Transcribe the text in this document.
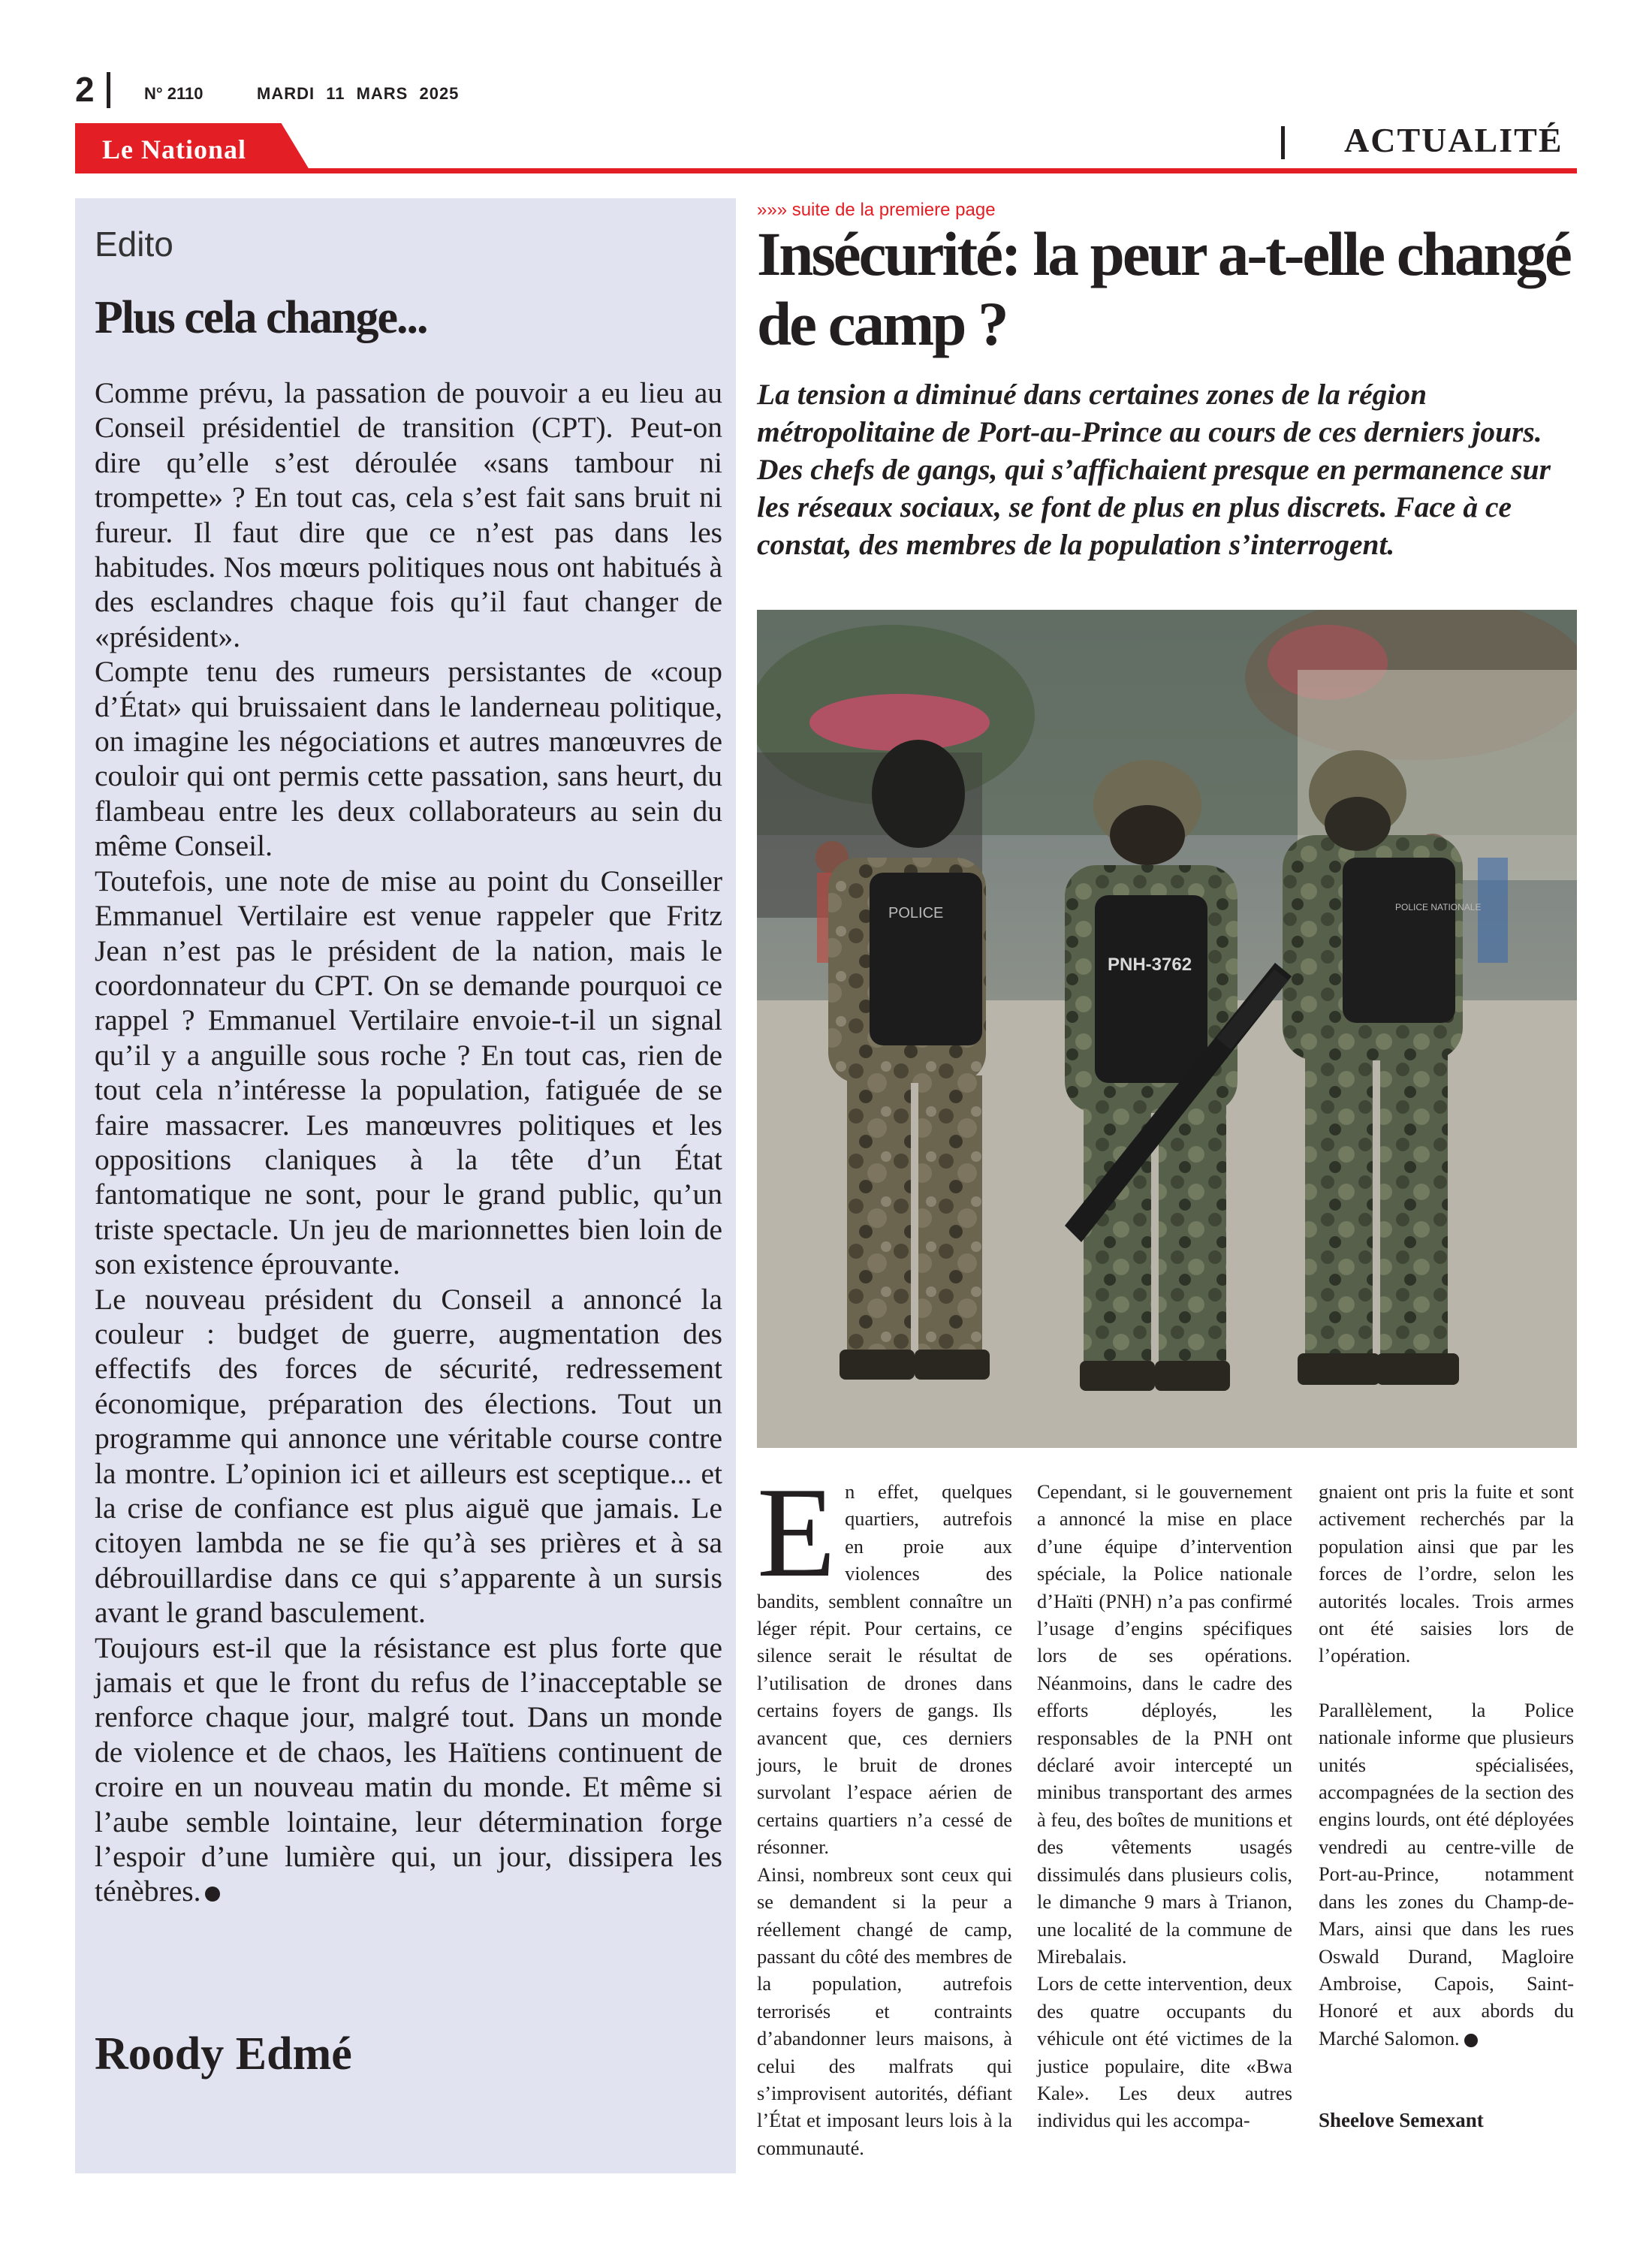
2	N° 2110	MARDI 11 MARS 2025
Le National	ACTUALITÉ
Edito
Plus cela change...

Comme prévu, la passation de pouvoir a eu lieu au Conseil présidentiel de transition (CPT). Peut-on dire qu’elle s’est déroulée «sans tambour ni trompette» ? En tout cas, cela s’est fait sans bruit ni fureur. Il faut dire que ce n’est pas dans les habitudes. Nos mœurs politiques nous ont habitués à des esclandres chaque fois qu’il faut changer de «président».

Compte tenu des rumeurs persistantes de «coup d’État» qui bruissaient dans le landerneau politique, on imagine les négociations et autres manœuvres de couloir qui ont permis cette passation, sans heurt, du flambeau entre les deux collaborateurs au sein du même Conseil.

Toutefois, une note de mise au point du Conseiller Emmanuel Vertilaire est venue rappeler que Fritz Jean n’est pas le président de la nation, mais le coordonnateur du CPT. On se demande pourquoi ce rappel ? Emmanuel Vertilaire envoie-t-il un signal qu’il y a anguille sous roche ? En tout cas, rien de tout cela n’intéresse la population, fatiguée de se faire massacrer. Les manœuvres politiques et les oppositions claniques à la tête d’un État fantomatique ne sont, pour le grand public, qu’un triste spectacle. Un jeu de marionnettes bien loin de son existence éprouvante.

Le nouveau président du Conseil a annoncé la couleur : budget de guerre, augmentation des effectifs des forces de sécurité, redressement économique, préparation des élections. Tout un programme qui annonce une véritable course contre la montre. L’opinion ici et ailleurs est sceptique... et la crise de confiance est plus aiguë que jamais. Le citoyen lambda ne se fie qu’à ses prières et à sa débrouillardise dans ce qui s’apparente à un sursis avant le grand basculement.

Toujours est-il que la résistance est plus forte que jamais et que le front du refus de l’inacceptable se renforce chaque jour, malgré tout. Dans un monde de violence et de chaos, les Haïtiens continuent de croire en un nouveau matin du monde. Et même si l’aube semble lointaine, leur détermination forge l’espoir d’une lumière qui, un jour, dissipera les ténèbres.

Roody Edmé
»»» suite de la premiere page
Insécurité: la peur a-t-elle changé de camp ?
La tension a diminué dans certaines zones de la région métropolitaine de Port-au-Prince au cours de ces derniers jours. Des chefs de gangs, qui s’affichaient presque en permanence sur les réseaux sociaux, se font de plus en plus discrets. Face à ce constat, des membres de la population s’interrogent.
POLICE
PNH-3762
POLICE NATIONALE
E n effet, quelques quartiers, autrefois en proie aux violences des bandits, semblent connaître un léger répit. Pour certains, ce silence serait le résultat de l’utilisation de drones dans certains foyers de gangs. Ils avancent que, ces derniers jours, le bruit de drones survolant l’espace aérien de certains quartiers n’a cessé de résonner.

Ainsi, nombreux sont ceux qui se demandent si la peur a réellement changé de camp, passant du côté des membres de la population, autrefois terrorisés et contraints d’abandonner leurs maisons, à celui des malfrats qui s’improvisent autorités, défiant l’État et imposant leurs lois à la communauté.

Cependant, si le gouvernement a annoncé la mise en place d’une équipe d’intervention spéciale, la Police nationale d’Haïti (PNH) n’a pas confirmé l’usage d’engins spécifiques lors de ses opérations. Néanmoins, dans le cadre des efforts déployés, les responsables de la PNH ont déclaré avoir intercepté un minibus transportant des armes à feu, des boîtes de munitions et des vêtements usagés dissimulés dans plusieurs colis, le dimanche 9 mars à Trianon, une localité de la commune de Mirebalais.

Lors de cette intervention, deux des quatre occupants du véhicule ont été victimes de la justice populaire, dite «Bwa Kale». Les deux autres individus qui les accompa-

gnaient ont pris la fuite et sont activement recherchés par la population ainsi que par les forces de l’ordre, selon les autorités locales. Trois armes ont été saisies lors de l’opération.

Parallèlement, la Police nationale informe que plusieurs unités spécialisées, accompagnées de la section des engins lourds, ont été déployées vendredi au centre-ville de Port-au-Prince, notamment dans les zones du Champ-de-Mars, ainsi que dans les rues Oswald Durand, Magloire Ambroise, Capois, Saint-Honoré et aux abords du Marché Salomon.

Sheelove Semexant
